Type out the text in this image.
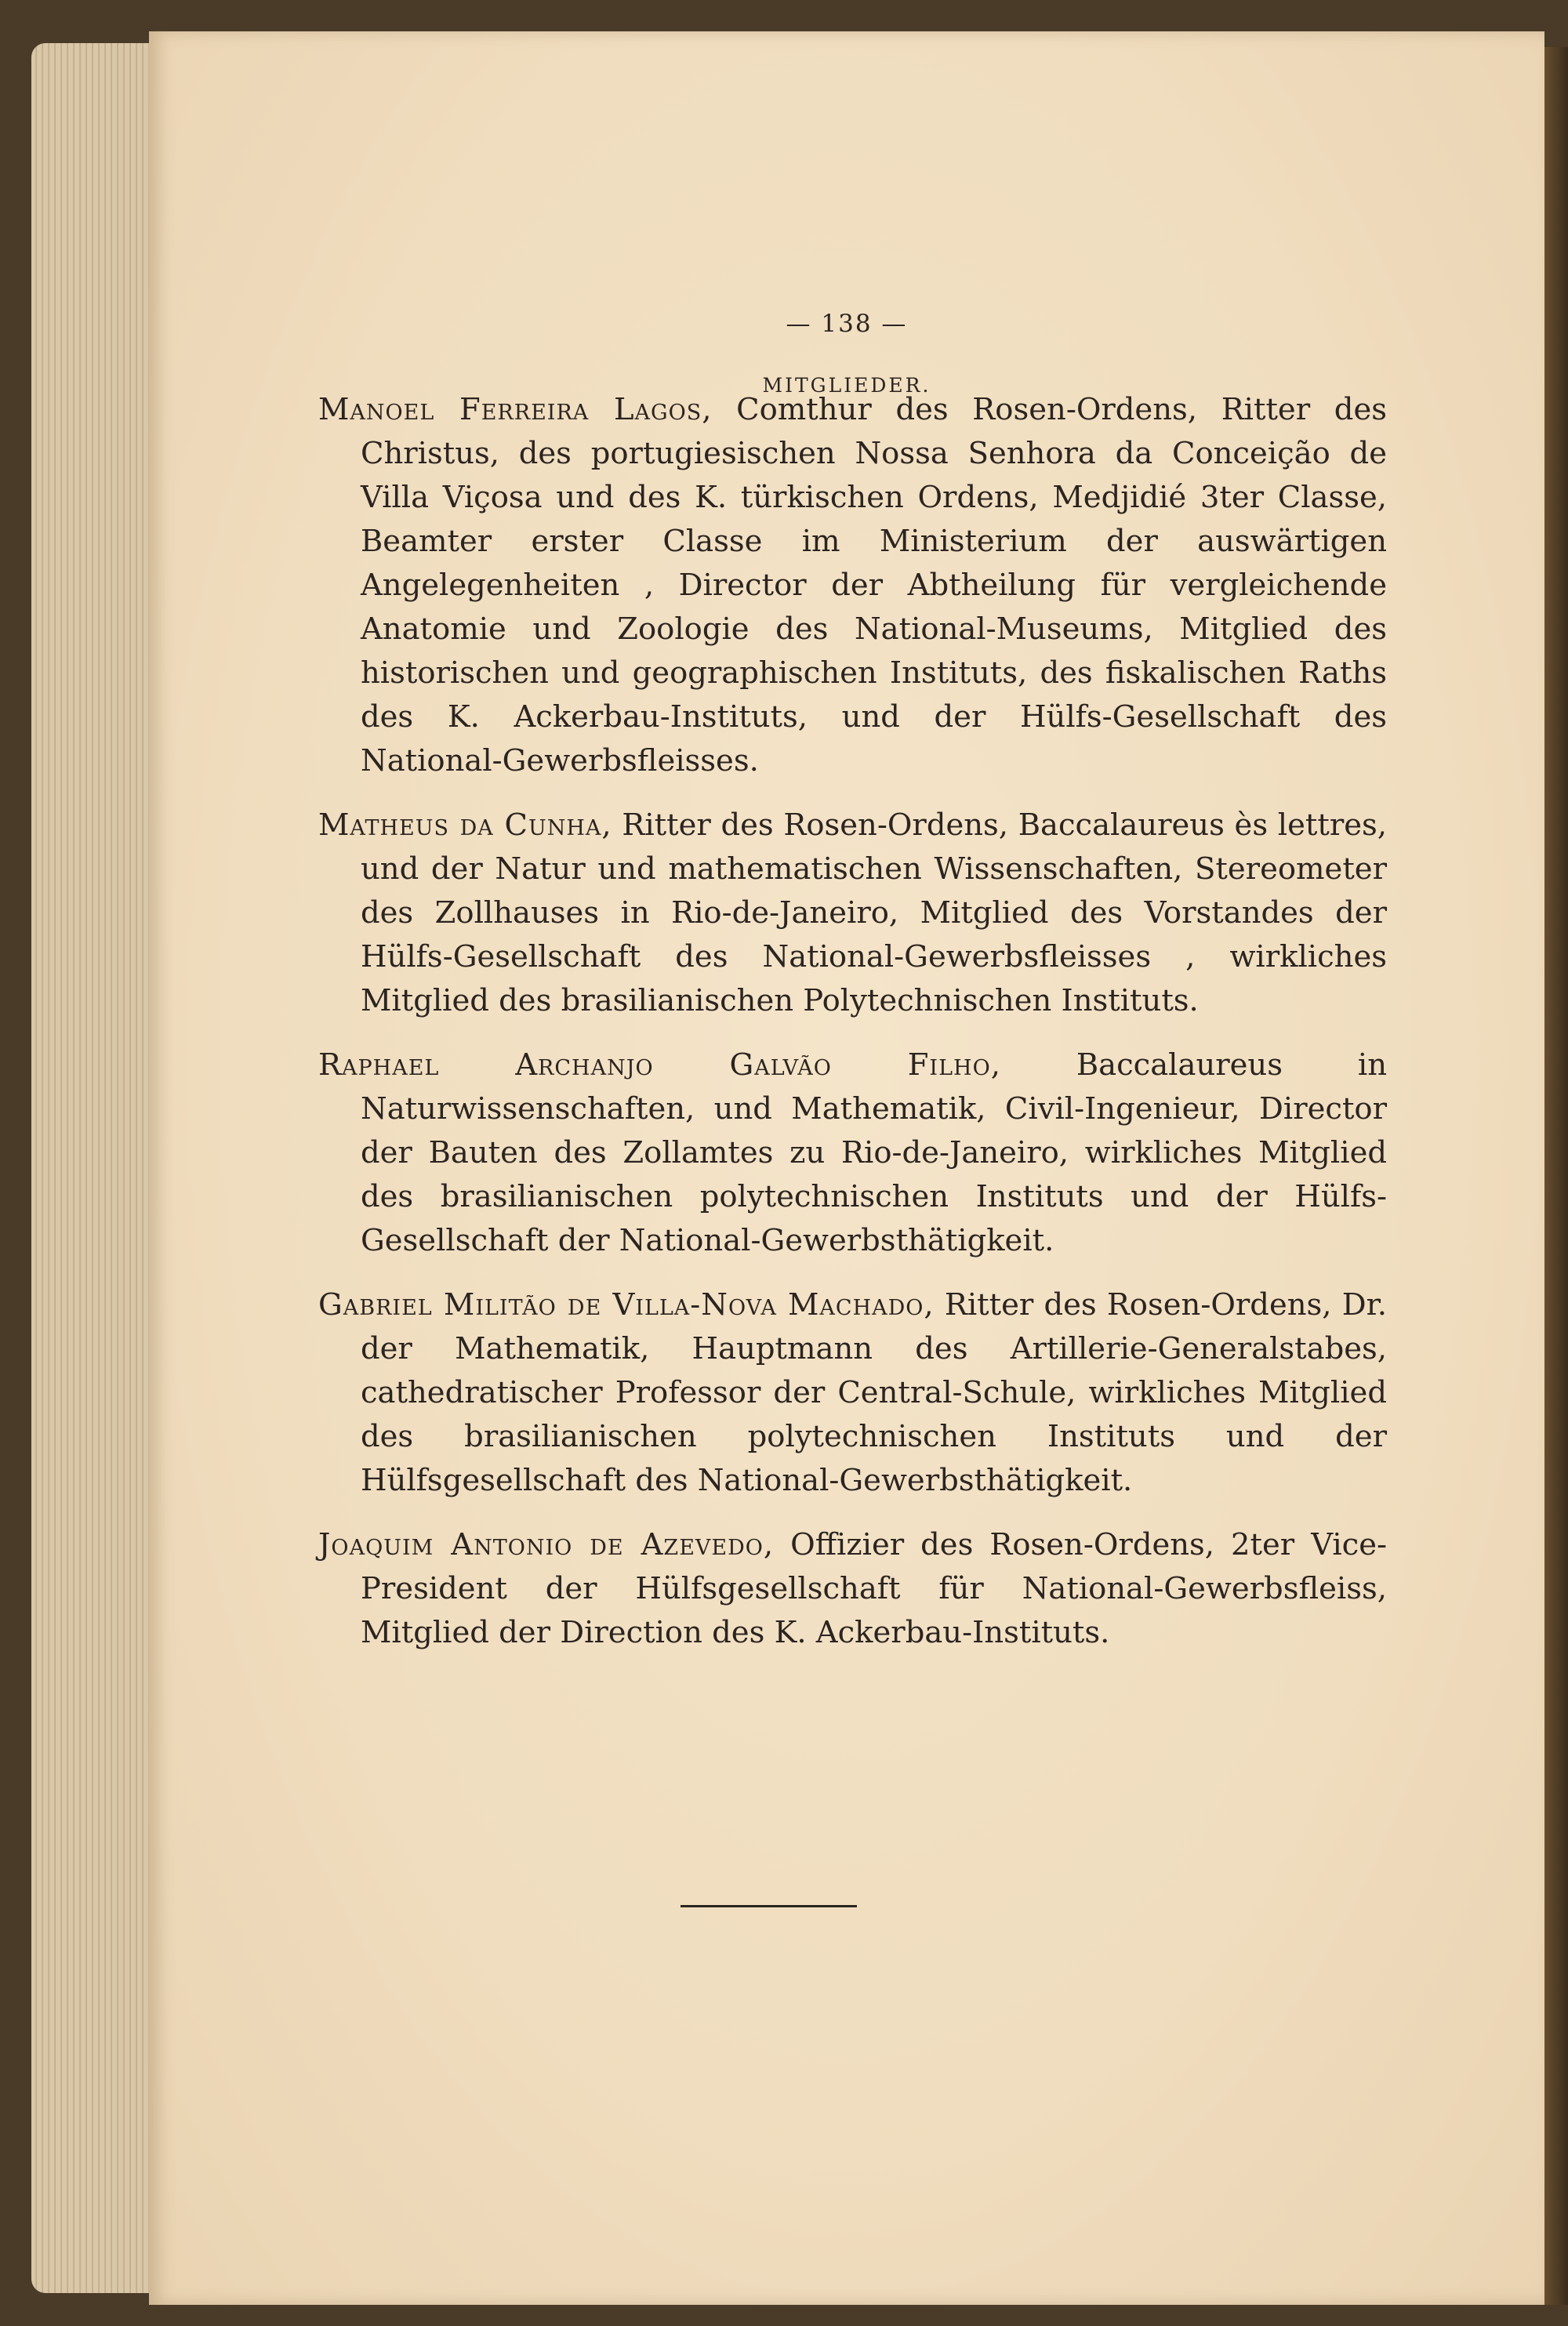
— 138 —
MITGLIEDER.

Manoel Ferreira Lagos, Comthur des Rosen-Ordens, Ritter des Christus, des portugiesischen Nossa Senhora da Conceição de Villa Viçosa und des K. türkischen Ordens, Medjidié 3ter Classe, Beamter erster Classe im Ministerium der auswärtigen Angelegenheiten , Director der Abtheilung für vergleichende Anatomie und Zoologie des National-Museums, Mitglied des historischen und geographischen Instituts, des fiskalischen Raths des K. Ackerbau-Instituts, und der Hülfs-Gesellschaft des National-Gewerbsfleisses.

Matheus da Cunha, Ritter des Rosen-Ordens, Baccalaureus ès lettres, und der Natur und mathematischen Wissenschaften, Stereometer des Zollhauses in Rio-de-Janeiro, Mitglied des Vorstandes der Hülfs-Gesellschaft des National-Gewerbsfleisses , wirkliches Mitglied des brasilianischen Polytechnischen Instituts.

Raphael Archanjo Galvão Filho, Baccalaureus in Naturwissenschaften, und Mathematik, Civil-Ingenieur, Director der Bauten des Zollamtes zu Rio-de-Janeiro, wirkliches Mitglied des brasilianischen polytechnischen Instituts und der Hülfs-Gesellschaft der National-Gewerbsthätigkeit.

Gabriel Militão de Villa-Nova Machado, Ritter des Rosen-Ordens, Dr. der Mathematik, Hauptmann des Artillerie-Generalstabes, cathedratischer Professor der Central-Schule, wirkliches Mitglied des brasilianischen polytechnischen Instituts und der Hülfsgesellschaft des National-Gewerbsthätigkeit.

Joaquim Antonio de Azevedo, Offizier des Rosen-Ordens, 2ter Vice-President der Hülfsgesellschaft für National-Gewerbsfleiss, Mitglied der Direction des K. Ackerbau-Instituts.
